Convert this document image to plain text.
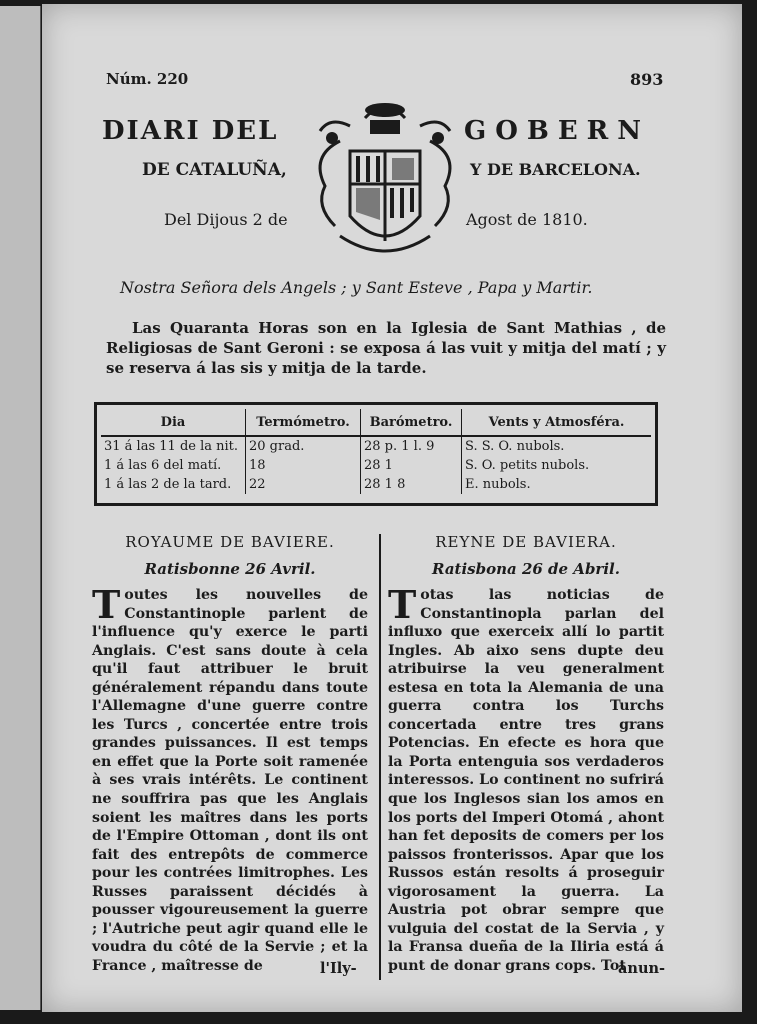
Núm. 220	893
DIARI DEL	GOBERN
DE CATALUÑA,	Y DE BARCELONA.
Del Dijous 2 de	Agost de 1810.
Nostra Señora dels Angels ; y Sant Esteve , Papa y Martir.
Las Quaranta Horas son en la Iglesia de Sant Mathias , de Religiosas de Sant Geroni : se exposa á las vuit y mitja del matí ; y se reserva á las sis y mitja de la tarde.
Dia	Termómetro.	Barómetro.	Vents y Atmosféra.
31 á las 11 de la nit.	20 grad.	28 p. 1 l. 9	S. S. O. nubols.
1 á las 6 del matí.	18	28 1	S. O. petits nubols.
1 á las 2 de la tard.	22	28 1 8	E. nubols.
ROYAUME DE BAVIERE.
Ratisbonne 26 Avril.

Toutes les nouvelles de Constantinople parlent de l'influence qu'y exerce le parti Anglais. C'est sans doute à cela qu'il faut attribuer le bruit généralement répandu dans toute l'Allemagne d'une guerre contre les Turcs , concertée entre trois grandes puissances. Il est temps en effet que la Porte soit ramenée à ses vrais intérêts. Le continent ne souffrira pas que les Anglais soient les maîtres dans les ports de l'Empire Ottoman , dont ils ont fait des entrepôts de commerce pour les contrées limitrophes. Les Russes paraissent décidés à pousser vigoureusement la guerre ; l'Autriche peut agir quand elle le voudra du côté de la Servie ; et la France , maîtresse de

REYNE DE BAVIERA.
Ratisbona 26 de Abril.

Totas las noticias de Constantinopla parlan del influxo que exerceix allí lo partit Ingles. Ab aixo sens dupte deu atribuirse la veu generalment estesa en tota la Alemania de una guerra contra los Turchs concertada entre tres grans Potencias. En efecte es hora que la Porta entenguia sos verdaderos interessos. Lo continent no sufrirá que los Inglesos sian los amos en los ports del Imperi Otomá , ahont han fet deposits de comers per los paissos fronterissos. Apar que los Russos están resolts á proseguir vigorosament la guerra. La Austria pot obrar sempre que vulguia del costat de la Servia , y la Fransa dueña de la Iliria está á punt de donar grans cops. Tot

l'Ily-	anun-
